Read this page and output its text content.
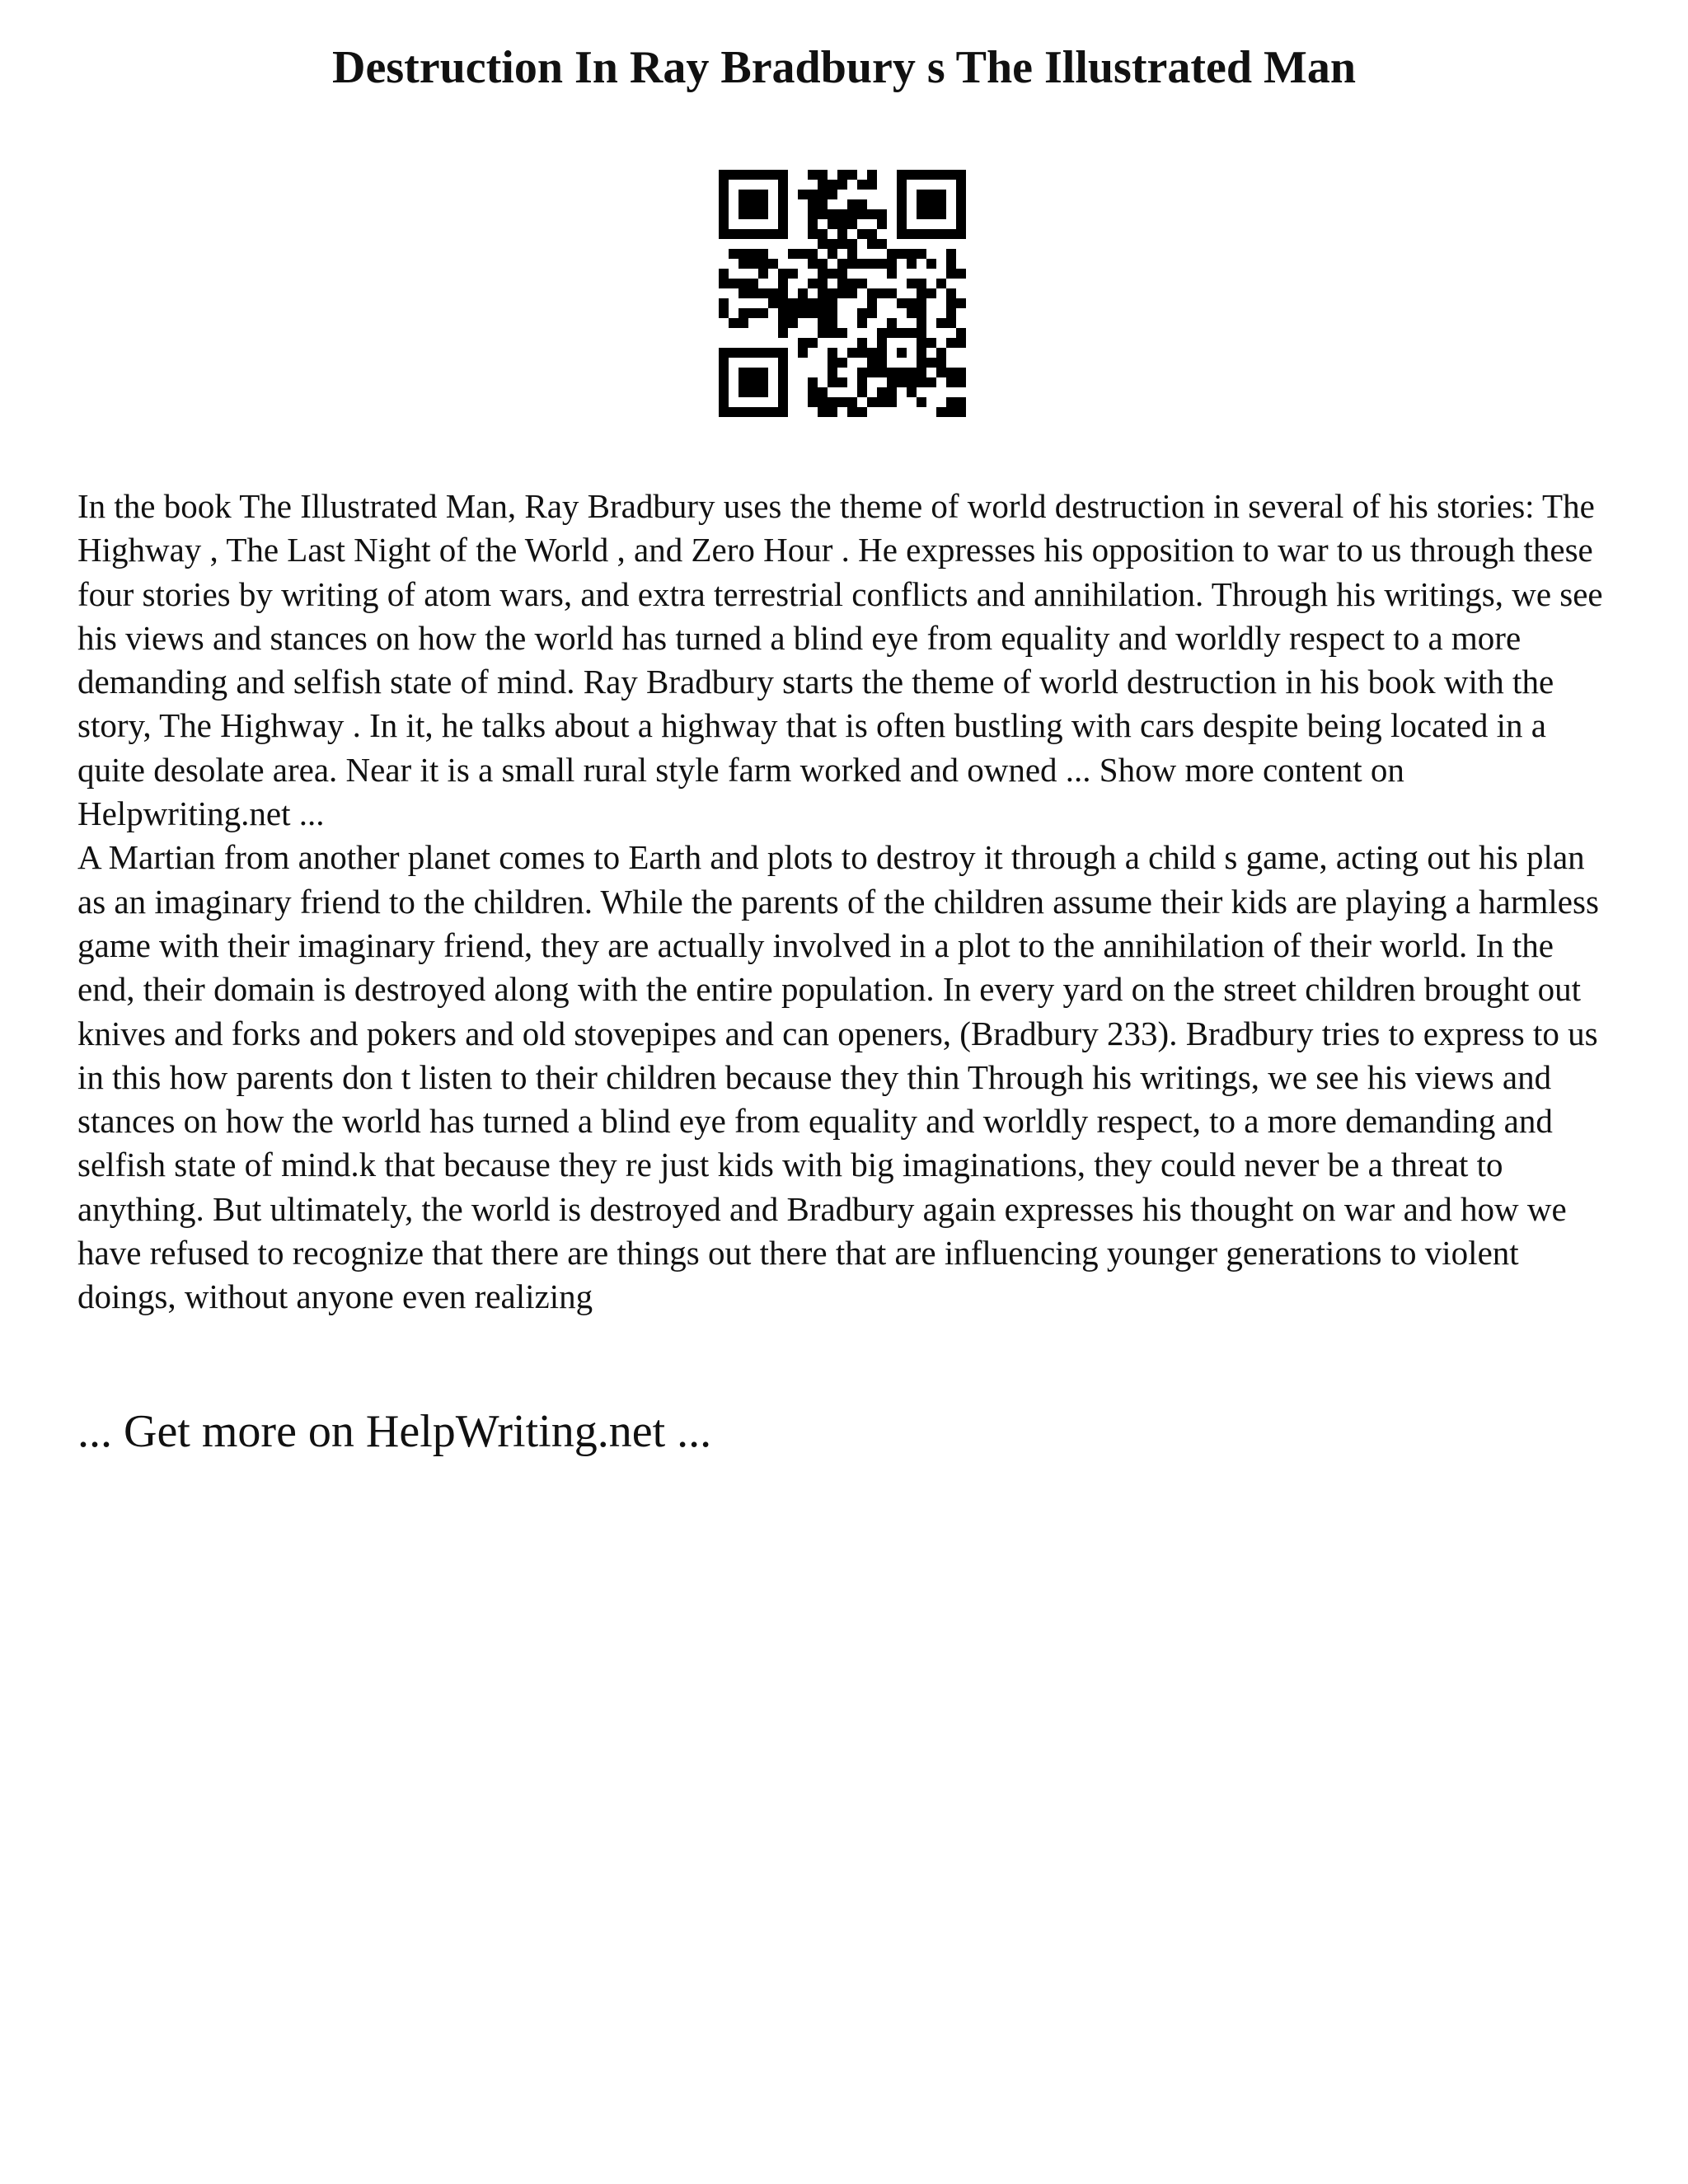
Destruction In Ray Bradbury s The Illustrated Man

In the book The Illustrated Man, Ray Bradbury uses the theme of world destruction in several of his stories: The Highway , The Last Night of the World , and Zero Hour . He expresses his opposition to war to us through these four stories by writing of atom wars, and extra terrestrial conflicts and annihilation. Through his writings, we see his views and stances on how the world has turned a blind eye from equality and worldly respect to a more demanding and selfish state of mind. Ray Bradbury starts the theme of world destruction in his book with the story, The Highway . In it, he talks about a highway that is often bustling with cars despite being located in a quite desolate area. Near it is a small rural style farm worked and owned ... Show more content on Helpwriting.net ...

A Martian from another planet comes to Earth and plots to destroy it through a child s game, acting out his plan as an imaginary friend to the children. While the parents of the children assume their kids are playing a harmless game with their imaginary friend, they are actually involved in a plot to the annihilation of their world. In the end, their domain is destroyed along with the entire population. In every yard on the street children brought out knives and forks and pokers and old stovepipes and can openers, (Bradbury 233). Bradbury tries to express to us in this how parents don t listen to their children because they thin Through his writings, we see his views and stances on how the world has turned a blind eye from equality and worldly respect, to a more demanding and selfish state of mind.k that because they re just kids with big imaginations, they could never be a threat to anything. But ultimately, the world is destroyed and Bradbury again expresses his thought on war and how we have refused to recognize that there are things out there that are influencing younger generations to violent doings, without anyone even realizing

... Get more on HelpWriting.net ...
